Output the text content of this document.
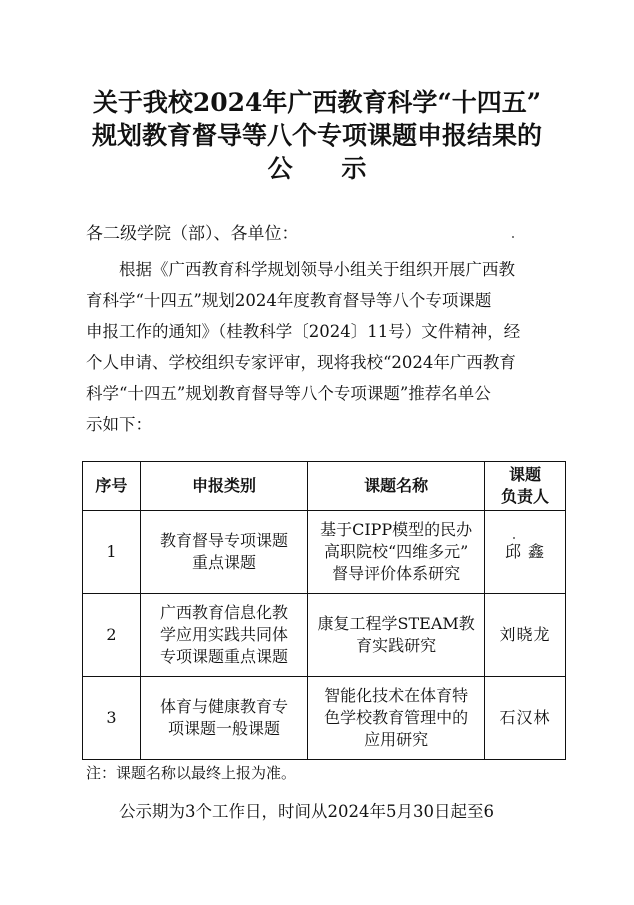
关于我校2024年广西教育科学“十四五”
规划教育督导等八个专项课题申报结果的
公 示
各二级学院（部）、各单位：
根据《广西教育科学规划领导小组关于组织开展广西教
育科学“十四五”规划2024年度教育督导等八个专项课题
申报工作的通知》（桂教科学〔2024〕11号）文件精神，经
个人申请、学校组织专家评审，现将我校“2024年广西教育
科学“十四五”规划教育督导等八个专项课题”推荐名单公
示如下：
序号	申报类别	课题名称	课题
负责人
1	教育督导专项课题
重点课题	基于CIPP模型的民办
高职院校“四维多元”
督导评价体系研究	邱 鑫
2	广西教育信息化教
学应用实践共同体
专项课题重点课题	康复工程学STEAM教
育实践研究	刘晓龙
3	体育与健康教育专
项课题一般课题	智能化技术在体育特
色学校教育管理中的
应用研究	石汉林
注：课题名称以最终上报为准。
公示期为3个工作日，时间从2024年5月30日起至6
